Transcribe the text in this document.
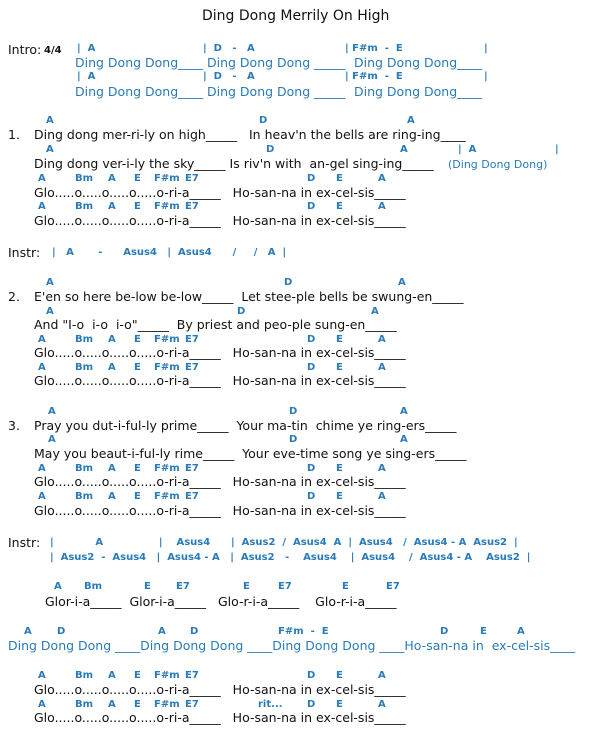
Ding Dong Merrily On High
Intro: 4/4 |  A	|  D   -   A	| F#m  -  E	|
Ding Dong Dong____ Ding Dong Dong _____ Ding Dong Dong____
|  A	|  D   -   A	| F#m  -  E	|
Ding Dong Dong____ Ding Dong Dong _____ Ding Dong Dong____
A	D	A
1. Ding dong mer-ri-ly on high_____   In heav'n the bells are ring-ing____
A	D	A	|  A	|
Ding dong ver-i-ly the sky_____ Is riv'n with  an-gel sing-ing_____ (Ding Dong Dong)
A	Bm A E F#m E7	D E	A
Glo.....o.....o.....o.....o-ri-a_____   Ho-san-na in ex-cel-sis_____
A	Bm A E F#m E7	D E	A
Glo.....o.....o.....o.....o-ri-a_____   Ho-san-na in ex-cel-sis_____
Instr: |   A       -      Asus4   |  Asus4      /     /   A  |
A	D	A
2. E'en so here be-low be-low_____  Let stee-ple bells be swung-en_____
A	D	A
And "I-o  i-o  i-o"_____  By priest and peo-ple sung-en_____
A	Bm A E F#m E7	D E	A
Glo.....o.....o.....o.....o-ri-a_____   Ho-san-na in ex-cel-sis_____
A	Bm A E F#m E7	D E	A
Glo.....o.....o.....o.....o-ri-a_____   Ho-san-na in ex-cel-sis_____
A	D	A
3. Pray you dut-i-ful-ly prime_____  Your ma-tin  chime ye ring-ers_____
A	D	A
May you beaut-i-ful-ly rime_____  Your eve-time song ye sing-ers_____
A	Bm A E F#m E7	D E	A
Glo.....o.....o.....o.....o-ri-a_____   Ho-san-na in ex-cel-sis_____
A	Bm A E F#m E7	D E	A
Glo.....o.....o.....o.....o-ri-a_____   Ho-san-na in ex-cel-sis_____
Instr: |            A                |    Asus4      |  Asus2  /  Asus4  A  |  Asus4   /  Asus4 - A  Asus2  |
|  Asus2  -  Asus4   |  Asus4 - A   |  Asus2   -    Asus4    |  Asus4    /  Asus4 - A    Asus2  |
A Bm	E	E7	E	E7	E	E7
Glor-i-a_____  Glor-i-a_____   Glo-r-i-a_____    Glo-r-i-a_____
A	D	A D	F#m  -  E	D	E	A
Ding Dong Dong ____Ding Dong Dong ____Ding Dong Dong ____Ho-san-na in  ex-cel-sis____
A	Bm A E F#m E7	D E	A
Glo.....o.....o.....o.....o-ri-a_____   Ho-san-na in ex-cel-sis_____
A	Bm A E F#m E7	rit... D E	A
Glo.....o.....o.....o.....o-ri-a_____   Ho-san-na in ex-cel-sis_____
